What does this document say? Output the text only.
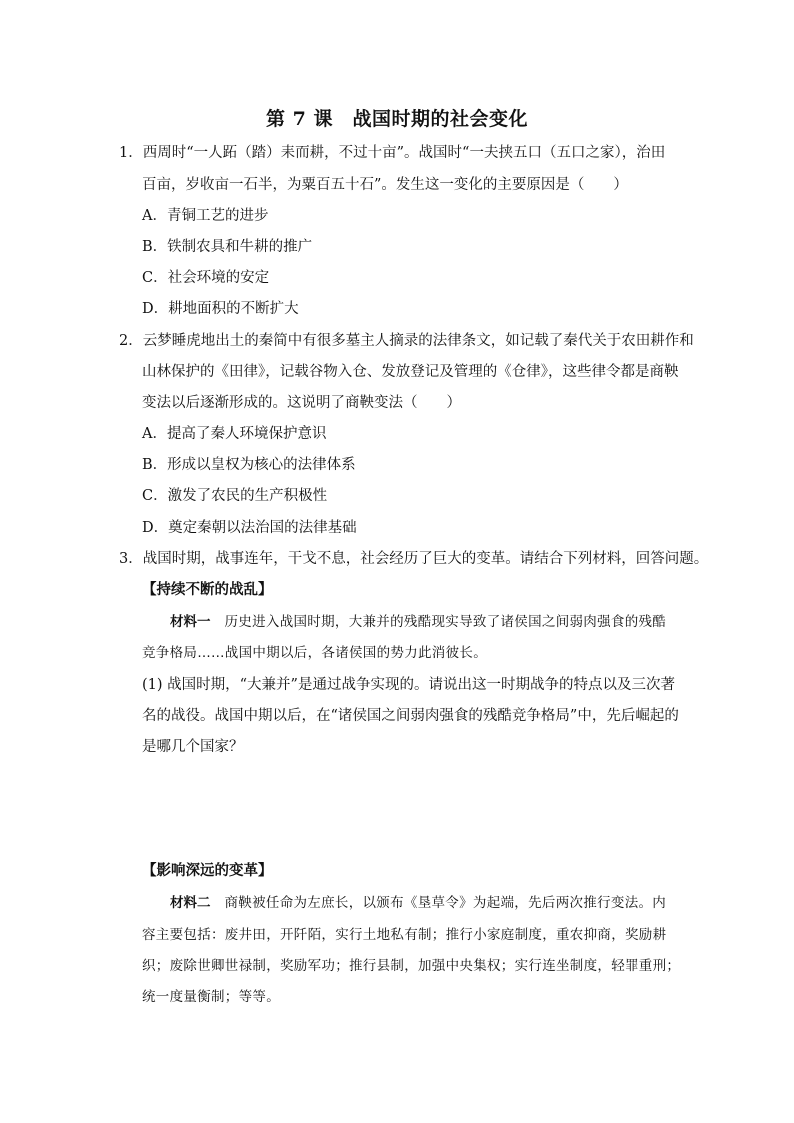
第 7 课　战国时期的社会变化
1．西周时“一人跖（踏）耒而耕，不过十亩”。战国时“一夫挟五口（五口之家），治田
百亩，岁收亩一石半，为粟百五十石”。发生这一变化的主要原因是（　　）
A．青铜工艺的进步
B．铁制农具和牛耕的推广
C．社会环境的安定
D．耕地面积的不断扩大
2．云梦睡虎地出土的秦简中有很多墓主人摘录的法律条文，如记载了秦代关于农田耕作和
山林保护的《田律》，记载谷物入仓、发放登记及管理的《仓律》，这些律令都是商鞅
变法以后逐渐形成的。这说明了商鞅变法（　　）
A．提高了秦人环境保护意识
B．形成以皇权为核心的法律体系
C．激发了农民的生产积极性
D．奠定秦朝以法治国的法律基础
3．战国时期，战事连年，干戈不息，社会经历了巨大的变革。请结合下列材料，回答问题。
【持续不断的战乱】
材料一 历史进入战国时期，大兼并的残酷现实导致了诸侯国之间弱肉强食的残酷
竞争格局……战国中期以后，各诸侯国的势力此消彼长。
(1) 战国时期，“大兼并”是通过战争实现的。请说出这一时期战争的特点以及三次著
名的战役。战国中期以后，在“诸侯国之间弱肉强食的残酷竞争格局”中，先后崛起的
是哪几个国家？
【影响深远的变革】
材料二 商鞅被任命为左庶长，以颁布《垦草令》为起端，先后两次推行变法。内
容主要包括：废井田，开阡陌，实行土地私有制；推行小家庭制度，重农抑商，奖励耕
织；废除世卿世禄制，奖励军功；推行县制，加强中央集权；实行连坐制度，轻罪重刑；
统一度量衡制；等等。
